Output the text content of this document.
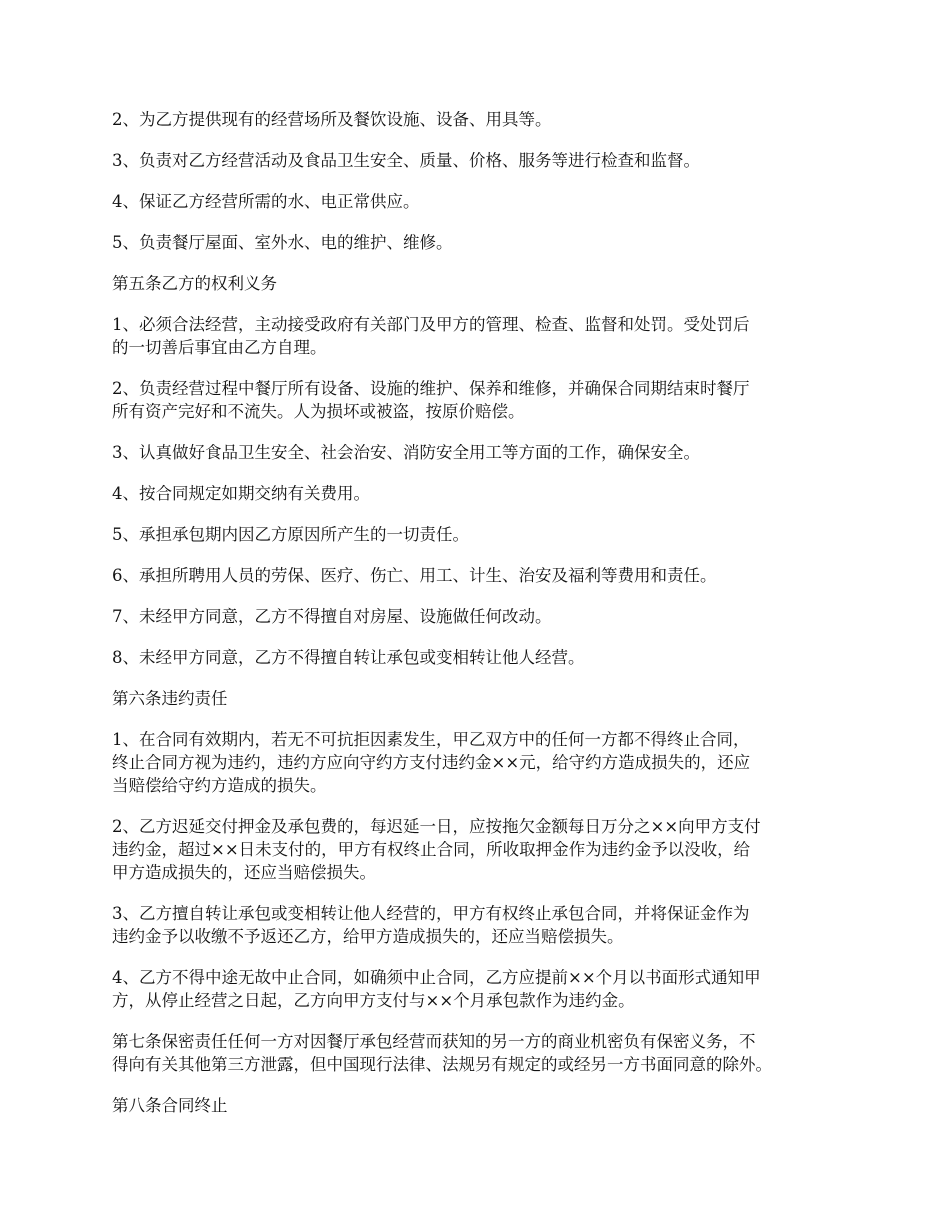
2、为乙方提供现有的经营场所及餐饮设施、设备、用具等。
3、负责对乙方经营活动及食品卫生安全、质量、价格、服务等进行检查和监督。
4、保证乙方经营所需的水、电正常供应。
5、负责餐厅屋面、室外水、电的维护、维修。
第五条乙方的权利义务
1、必须合法经营，主动接受政府有关部门及甲方的管理、检查、监督和处罚。受处罚后
的一切善后事宜由乙方自理。
2、负责经营过程中餐厅所有设备、设施的维护、保养和维修，并确保合同期结束时餐厅
所有资产完好和不流失。人为损坏或被盗，按原价赔偿。
3、认真做好食品卫生安全、社会治安、消防安全用工等方面的工作，确保安全。
4、按合同规定如期交纳有关费用。
5、承担承包期内因乙方原因所产生的一切责任。
6、承担所聘用人员的劳保、医疗、伤亡、用工、计生、治安及福利等费用和责任。
7、未经甲方同意，乙方不得擅自对房屋、设施做任何改动。
8、未经甲方同意，乙方不得擅自转让承包或变相转让他人经营。
第六条违约责任
1、在合同有效期内，若无不可抗拒因素发生，甲乙双方中的任何一方都不得终止合同，
终止合同方视为违约，违约方应向守约方支付违约金××元，给守约方造成损失的，还应
当赔偿给守约方造成的损失。
2、乙方迟延交付押金及承包费的，每迟延一日，应按拖欠金额每日万分之××向甲方支付
违约金，超过××日未支付的，甲方有权终止合同，所收取押金作为违约金予以没收，给
甲方造成损失的，还应当赔偿损失。
3、乙方擅自转让承包或变相转让他人经营的，甲方有权终止承包合同，并将保证金作为
违约金予以收缴不予返还乙方，给甲方造成损失的，还应当赔偿损失。
4、乙方不得中途无故中止合同，如确须中止合同，乙方应提前××个月以书面形式通知甲
方，从停止经营之日起，乙方向甲方支付与××个月承包款作为违约金。
第七条保密责任任何一方对因餐厅承包经营而获知的另一方的商业机密负有保密义务，不
得向有关其他第三方泄露，但中国现行法律、法规另有规定的或经另一方书面同意的除外。
第八条合同终止
